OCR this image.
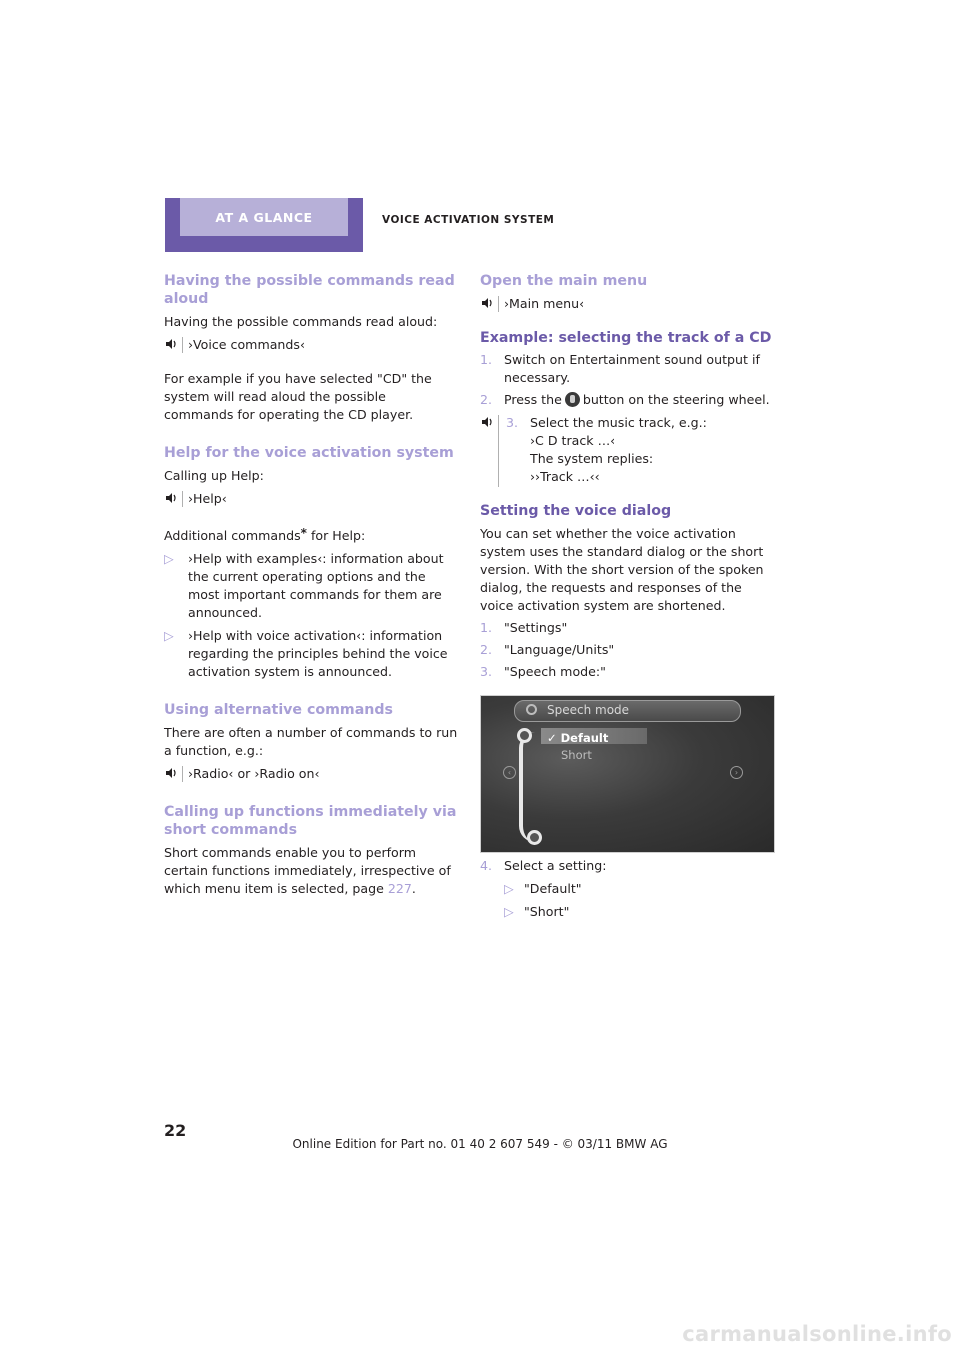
AT A GLANCE	VOICE ACTIVATION SYSTEM
Having the possible commands read aloud

Having the possible commands read aloud:

›Voice commands‹

For example if you have selected "CD" the system will read aloud the possible commands for operating the CD player.

Help for the voice activation system

Calling up Help:

›Help‹

Additional commands* for Help:

▷ ›Help with examples‹: information about the current operating options and the most important commands for them are announced.
▷ ›Help with voice activation‹: information regarding the principles behind the voice activation system is announced.
Using alternative commands

There are often a number of commands to run a function, e.g.:

›Radio‹ or ›Radio on‹
Calling up functions immediately via short commands

Short commands enable you to perform certain functions immediately, irrespective of which menu item is selected, page 227.

Open the main menu
›Main menu‹
Example: selecting the track of a CD
1. Switch on Entertainment sound output if necessary.
2. Press the button on the steering wheel.
3. Select the music track, e.g.:
›C D track …‹
The system replies:
››Track …‹‹
Setting the voice dialog

You can set whether the voice activation system uses the standard dialog or the short version. With the short version of the spoken dialog, the requests and responses of the voice activation system are shortened.

1. "Settings"
2. "Language/Units"
3. "Speech mode:"
Speech mode
✓ Default
Short
‹	›
4. Select a setting:
▷ "Default"
▷ "Short"
22
Online Edition for Part no. 01 40 2 607 549 - © 03/11 BMW AG
carmanualsonline.info
